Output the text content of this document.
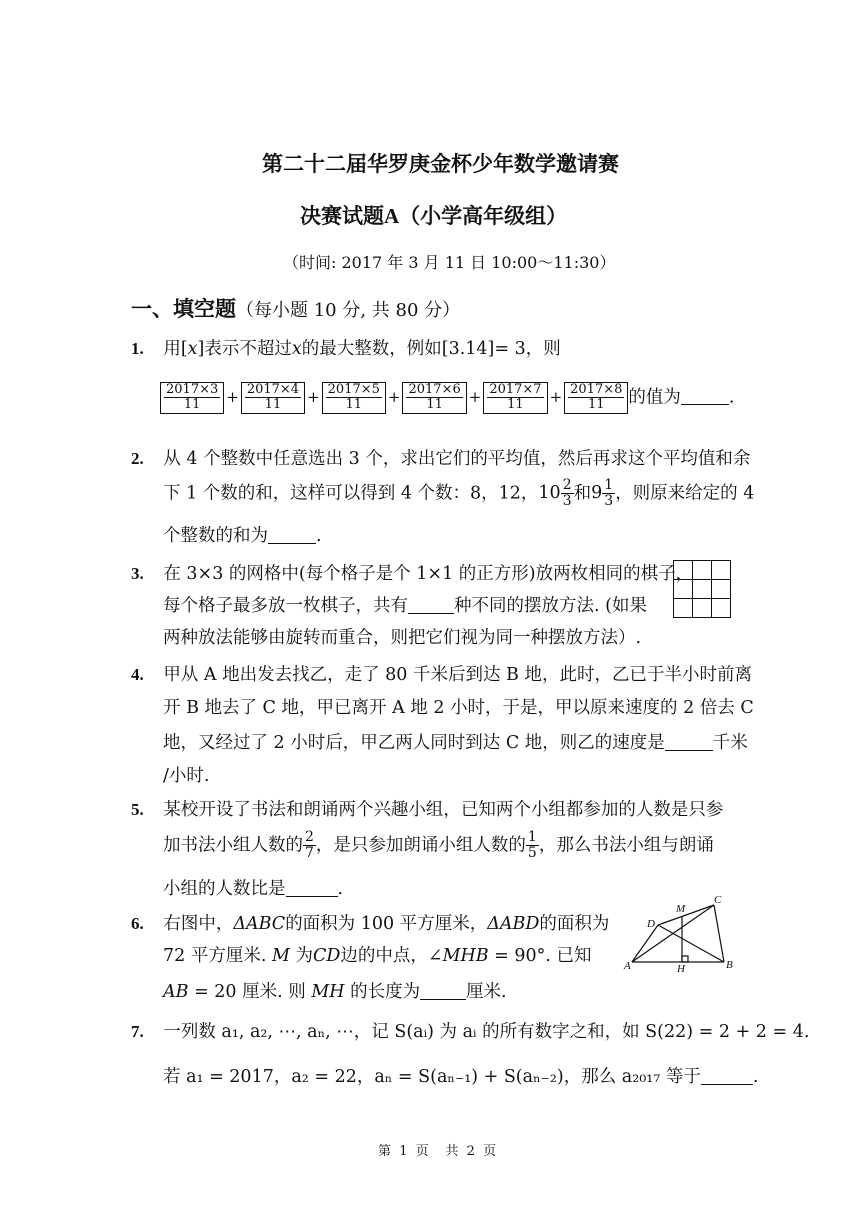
第二十二届华罗庚金杯少年数学邀请赛
决赛试题A（小学高年级组）
（时间: 2017 年 3 月 11 日 10:00～11:30）
一、填空题（每小题 10 分, 共 80 分）
1. 用[x]表示不超过x的最大整数，例如[3.14]= 3，则
$\frac{2017\times 3}{11} + \frac{2017\times 4}{11} + \frac{2017\times 5}{11} + \frac{2017\times 6}{11} + \frac{2017\times 7}{11} + \frac{2017\times 8}{11}$ 的值为	.
2. 从 4 个整数中任意选出 3 个，求出它们的平均值，然后再求这个平均值和余
下 1 个数的和，这样可以得到 4 个数：8，12，$10 \frac{2}{3}$ 和$9 \frac{1}{3}$ ，则原来给定的 4
个整数的和为	.
3. 在 3×3 的网格中(每个格子是个 1×1 的正方形)放两枚相同的棋子，
每个格子最多放一枚棋子，共有	种不同的摆放方法. (如果
两种放法能够由旋转而重合，则把它们视为同一种摆放方法）.

4. 甲从 A 地出发去找乙，走了 80 千米后到达 B 地，此时，乙已于半小时前离
开 B 地去了 C 地，甲已离开 A 地 2 小时，于是，甲以原来速度的 2 倍去 C
地，又经过了 2 小时后，甲乙两人同时到达 C 地，则乙的速度是	千米
/小时.
5. 某校开设了书法和朗诵两个兴趣小组，已知两个小组都参加的人数是只参
加书法小组人数的 $\frac{2}{7}$ ，是只参加朗诵小组人数的 $\frac{1}{5}$ ，那么书法小组与朗诵
小组的人数比是	.
6. 右图中，ΔABC的面积为 100 平方厘米，ΔABD的面积为
72 平方厘米. M 为CD边的中点，∠MHB = 90°. 已知
AB = 20 厘米. 则 MH 的长度为	厘米.
A	B
C
D
M
H
7. 一列数 a₁, a₂, ⋯, aₙ, ⋯，记 S(aᵢ) 为 aᵢ 的所有数字之和，如 S(22) = 2 + 2 = 4.
若 a₁ = 2017，a₂ = 22，aₙ = S(aₙ₋₁) + S(aₙ₋₂)，那么 a₂₀₁₇ 等于	.
第  1  页    共  2  页
